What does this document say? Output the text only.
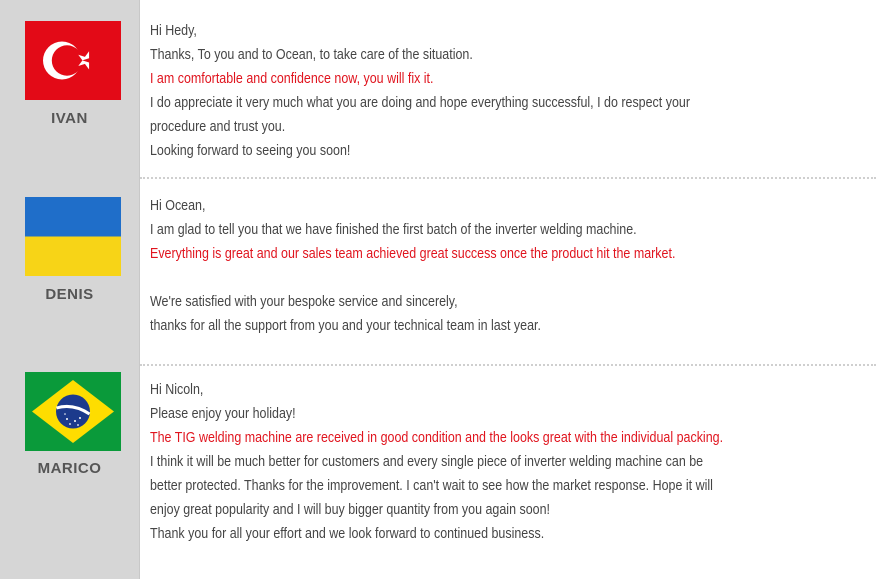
IVAN

Hi Hedy,

Thanks, To you and to Ocean, to take care of the situation.

I am comfortable and confidence now, you will fix it.

I do appreciate it very much what you are doing and hope everything successful, I do respect your

procedure and trust you.

Looking forward to seeing you soon!

DENIS

Hi Ocean,

I am glad to tell you that we have finished the first batch of the inverter welding machine.

Everything is great and our sales team achieved great success once the product hit the market.

We're satisfied with your bespoke service and sincerely,

thanks for all the support from you and your technical team in last year.

MARICO

Hi Nicoln,

Please enjoy your holiday!

The TIG welding machine are received in good condition and the looks great with the individual packing.

I think it will be much better for customers and every single piece of inverter welding machine can be

better protected. Thanks for the improvement. I can't wait to see how the market response. Hope it will

enjoy great popularity and I will buy bigger quantity from you again soon!

Thank you for all your effort and we look forward to continued business.
